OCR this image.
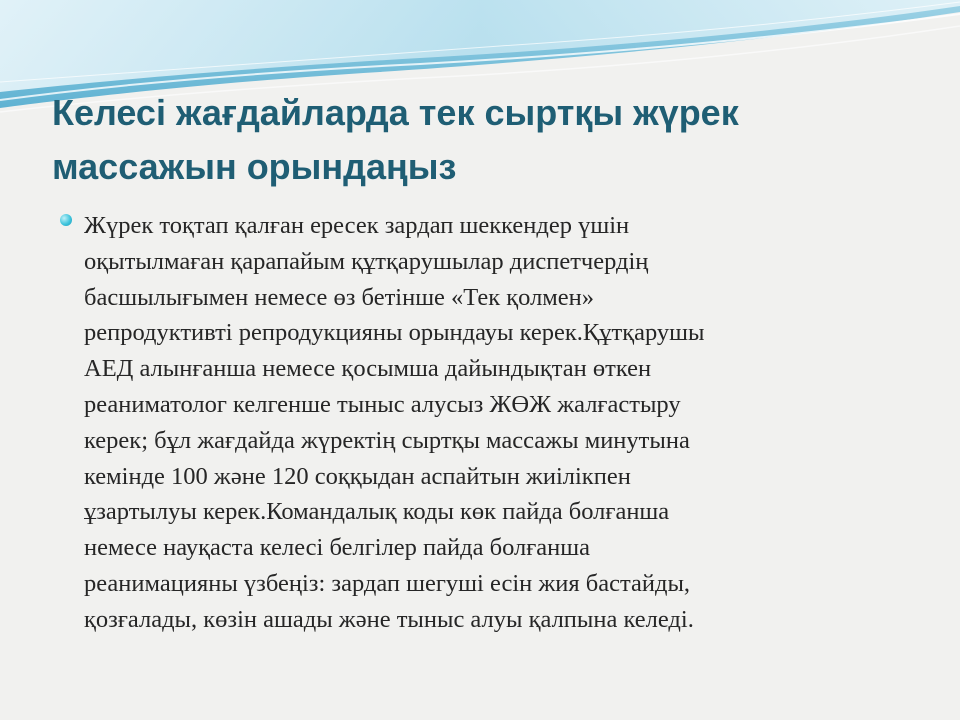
Келесі жағдайларда тек сыртқы жүрек
массажын орындаңыз

Жүрек тоқтап қалған ересек зардап шеккендер үшін
оқытылмаған қарапайым құтқарушылар диспетчердің
басшылығымен немесе өз бетінше «Тек қолмен»
репродуктивті репродукцияны орындауы керек.Құтқарушы
АЕД алынғанша немесе қосымша дайындықтан өткен
реаниматолог келгенше тыныс алусыз ЖӨЖ жалғастыру
керек; бұл жағдайда жүректің сыртқы массажы минутына
кемінде 100 және 120 соққыдан аспайтын жиілікпен
ұзартылуы керек.Командалық коды көк пайда болғанша
немесе науқаста келесі белгілер пайда болғанша
реанимацияны үзбеңіз: зардап шегуші есін жия бастайды,
қозғалады, көзін ашады және тыныс алуы қалпына келеді.
